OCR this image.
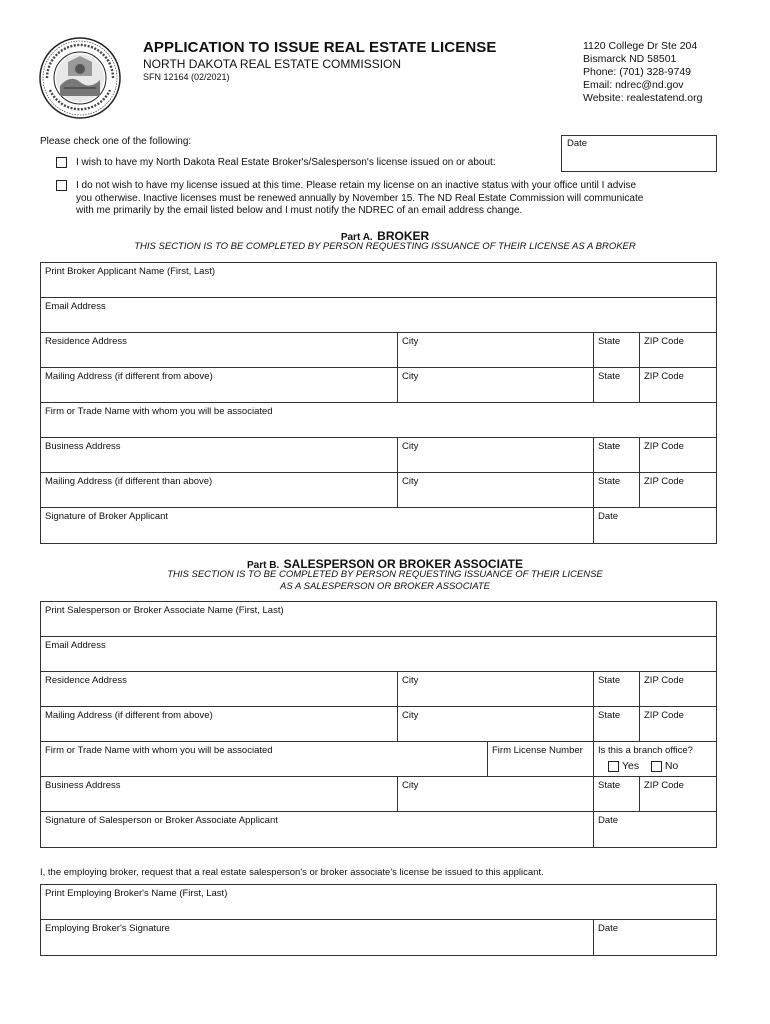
APPLICATION TO ISSUE REAL ESTATE LICENSE
NORTH DAKOTA REAL ESTATE COMMISSION
SFN 12164 (02/2021)
1120 College Dr Ste 204
Bismarck ND 58501
Phone: (701) 328-9749
Email: ndrec@nd.gov
Website: realestatend.org
Please check one of the following:	Date
I wish to have my North Dakota Real Estate Broker's/Salesperson's license issued on or about:
I do not wish to have my license issued at this time. Please retain my license on an inactive status with your office until I advise
you otherwise. Inactive licenses must be renewed annually by November 15. The ND Real Estate Commission will communicate
with me primarily by the email listed below and I must notify the NDREC of an email address change.
Part A. BROKER
THIS SECTION IS TO BE COMPLETED BY PERSON REQUESTING ISSUANCE OF THEIR LICENSE AS A BROKER
Print Broker Applicant Name (First, Last)
Email Address
Residence Address	City	State	ZIP Code
Mailing Address (if different from above)	City	State	ZIP Code
Firm or Trade Name with whom you will be associated
Business Address	City	State	ZIP Code
Mailing Address (if different than above)	City	State	ZIP Code
Signature of Broker Applicant	Date
Part B. SALESPERSON OR BROKER ASSOCIATE
THIS SECTION IS TO BE COMPLETED BY PERSON REQUESTING ISSUANCE OF THEIR LICENSE
AS A SALESPERSON OR BROKER ASSOCIATE
Print Salesperson or Broker Associate Name (First, Last)
Email Address
Residence Address	City	State	ZIP Code
Mailing Address (if different from above)	City	State	ZIP Code
Firm or Trade Name with whom you will be associated	Firm License Number Is this a branch office?
Yes No
Business Address	City	State	ZIP Code
Signature of Salesperson or Broker Associate Applicant	Date
I, the employing broker, request that a real estate salesperson's or broker associate's license be issued to this applicant.
Print Employing Broker's Name (First, Last)
Employing Broker's Signature	Date
